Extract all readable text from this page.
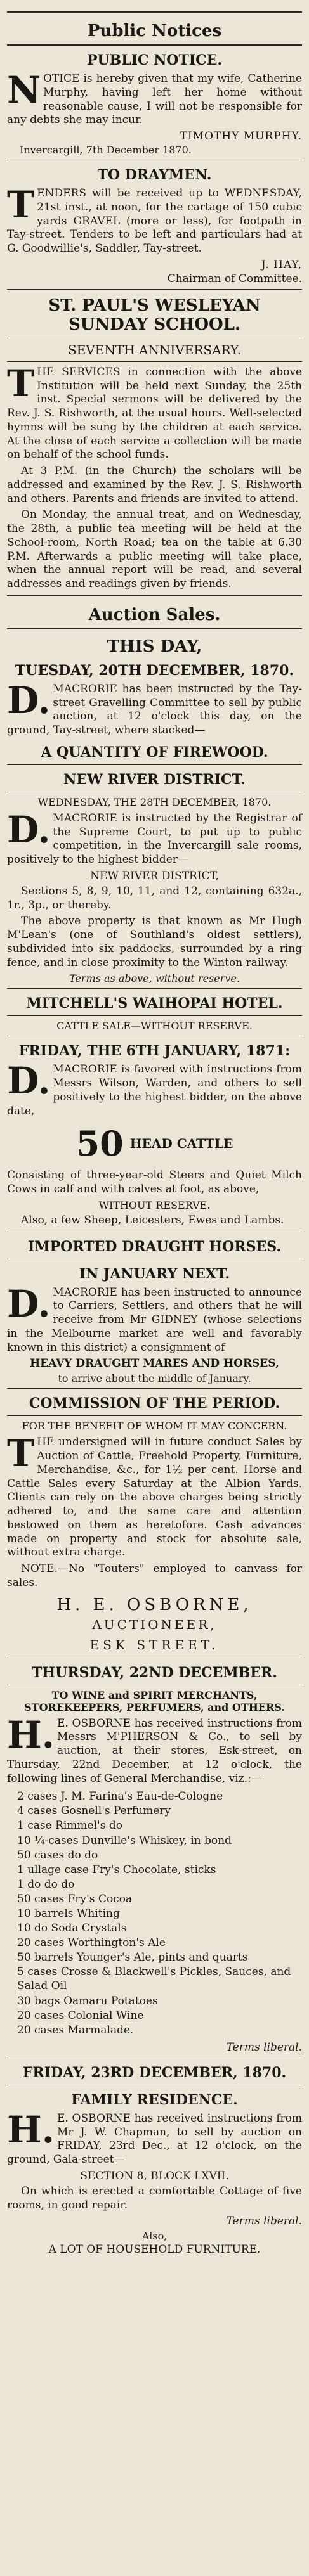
Public Notices
PUBLIC NOTICE.

NOTICE is hereby given that my wife, Catherine Murphy, having left her home without reasonable cause, I will not be responsible for any debts she may incur.

TIMOTHY MURPHY.
Invercargill, 7th December 1870.
TO DRAYMEN.

TENDERS will be received up to WEDNESDAY, 21st inst., at noon, for the cartage of 150 cubic yards GRAVEL (more or less), for footpath in Tay-street. Tenders to be left and particulars had at G. Goodwillie's, Saddler, Tay-street.

J. HAY,
Chairman of Committee.
ST. PAUL'S WESLEYAN SUNDAY SCHOOL.
SEVENTH ANNIVERSARY.

THE SERVICES in connection with the above Institution will be held next Sunday, the 25th inst. Special sermons will be delivered by the Rev. J. S. Rishworth, at the usual hours. Well-selected hymns will be sung by the children at each service. At the close of each service a collection will be made on behalf of the school funds.

At 3 P.M. (in the Church) the scholars will be addressed and examined by the Rev. J. S. Rishworth and others. Parents and friends are invited to attend.

On Monday, the annual treat, and on Wednesday, the 28th, a public tea meeting will be held at the School-room, North Road; tea on the table at 6.30 P.M. Afterwards a public meeting will take place, when the annual report will be read, and several addresses and readings given by friends.

Auction Sales.
THIS DAY,
TUESDAY, 20TH DECEMBER, 1870.

D.MACRORIE has been instructed by the Tay-street Gravelling Committee to sell by public auction, at 12 o'clock this day, on the ground, Tay-street, where stacked—

A QUANTITY OF FIREWOOD.
NEW RIVER DISTRICT.
WEDNESDAY, THE 28TH DECEMBER, 1870.

D.MACRORIE is instructed by the Registrar of the Supreme Court, to put up to public competition, in the Invercargill sale rooms, positively to the highest bidder—

NEW RIVER DISTRICT,

Sections 5, 8, 9, 10, 11, and 12, containing 632a., 1r., 3p., or thereby.

The above property is that known as Mr Hugh M'Lean's (one of Southland's oldest settlers), subdivided into six paddocks, surrounded by a ring fence, and in close proximity to the Winton railway.

Terms as above, without reserve.
MITCHELL'S WAIHOPAI HOTEL.
CATTLE SALE—WITHOUT RESERVE.
FRIDAY, THE 6TH JANUARY, 1871:

D.MACRORIE is favored with instructions from Messrs Wilson, Warden, and others to sell positively to the highest bidder, on the above date,

50 HEAD CATTLE

Consisting of three-year-old Steers and Quiet Milch Cows in calf and with calves at foot, as above,

WITHOUT RESERVE.

Also, a few Sheep, Leicesters, Ewes and Lambs.

IMPORTED DRAUGHT HORSES.
IN JANUARY NEXT.

D.MACRORIE has been instructed to announce to Carriers, Settlers, and others that he will receive from Mr GIDNEY (whose selections in the Melbourne market are well and favorably known in this district) a consignment of

HEAVY DRAUGHT MARES AND HORSES,
to arrive about the middle of January.
COMMISSION OF THE PERIOD.
FOR THE BENEFIT OF WHOM IT MAY CONCERN.

THE undersigned will in future conduct Sales by Auction of Cattle, Freehold Property, Furniture, Merchandise, &c., for 1½ per cent. Horse and Cattle Sales every Saturday at the Albion Yards. Clients can rely on the above charges being strictly adhered to, and the same care and attention bestowed on them as heretofore. Cash advances made on property and stock for absolute sale, without extra charge.

NOTE.—No "Touters" employed to canvass for sales.

H. E. OSBORNE,
AUCTIONEER,
ESK STREET.
THURSDAY, 22ND DECEMBER.
TO WINE and SPIRIT MERCHANTS, STOREKEEPERS, PERFUMERS, and OTHERS.

H.E. OSBORNE has received instructions from Messrs M'PHERSON & Co., to sell by auction, at their stores, Esk-street, on Thursday, 22nd December, at 12 o'clock, the following lines of General Merchandise, viz.:—

2 cases J. M. Farina's Eau-de-Cologne
4 cases Gosnell's Perfumery
1 case Rimmel's do
10 ¼-cases Dunville's Whiskey, in bond
50 cases do do
1 ullage case Fry's Chocolate, sticks
1 do do do
50 cases Fry's Cocoa
10 barrels Whiting
10 do Soda Crystals
20 cases Worthington's Ale
50 barrels Younger's Ale, pints and quarts
5 cases Crosse & Blackwell's Pickles, Sauces, and Salad Oil
30 bags Oamaru Potatoes
20 cases Colonial Wine
20 cases Marmalade.
Terms liberal.
FRIDAY, 23RD DECEMBER, 1870.
FAMILY RESIDENCE.

H.E. OSBORNE has received instructions from Mr J. W. Chapman, to sell by auction on FRIDAY, 23rd Dec., at 12 o'clock, on the ground, Gala-street—

SECTION 8, BLOCK LXVII.

On which is erected a comfortable Cottage of five rooms, in good repair.

Terms liberal.
Also,
A LOT OF HOUSEHOLD FURNITURE.
